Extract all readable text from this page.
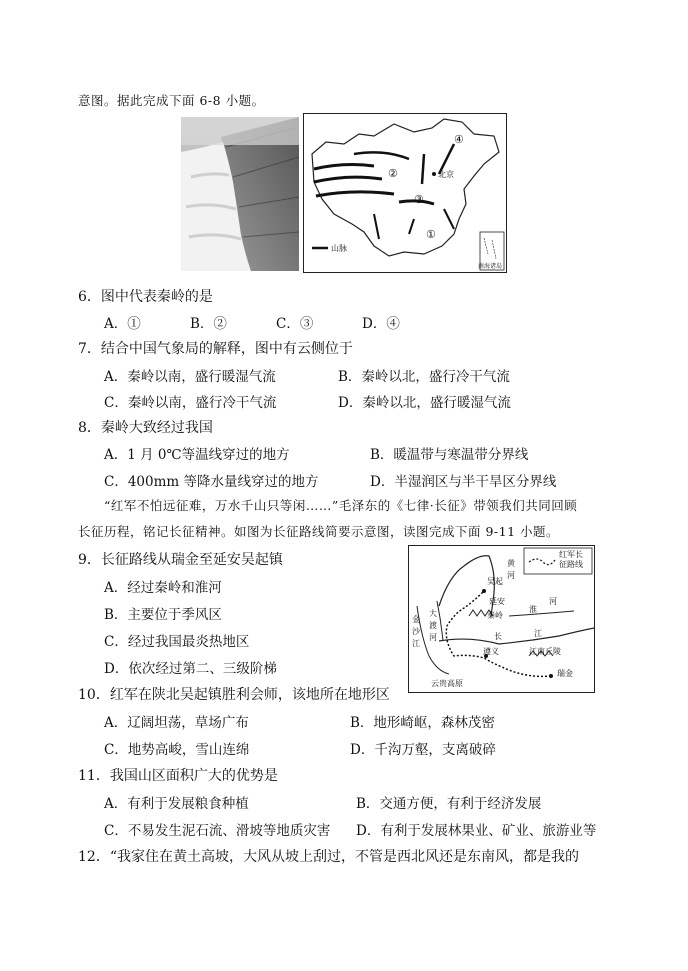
意图。据此完成下面 6-8 小题。
④
②
③
①
北京
山脉
南海诸岛
6．图中代表秦岭的是
A．①	B．②	C．③	D．④
7．结合中国气象局的解释，图中有云侧位于
A．秦岭以南，盛行暖湿气流	B．秦岭以北，盛行冷干气流
C．秦岭以南，盛行冷干气流	D．秦岭以北，盛行暖湿气流
8．秦岭大致经过我国
A．1 月 0℃等温线穿过的地方	B．暖温带与寒温带分界线
C．400mm 等降水量线穿过的地方	D．半湿润区与半干旱区分界线
“红军不怕远征难，万水千山只等闲……”毛泽东的《七律·长征》带领我们共同回顾
长征历程，铭记长征精神。如图为长征路线简要示意图，读图完成下面 9-11 小题。
红军长征路线
吴起
延安
秦岭
黄
河
金
沙
江
大
渡
河
淮
河
长	江
遵义	江南丘陵
瑞金
云贵高原
9．长征路线从瑞金至延安吴起镇
A．经过秦岭和淮河
B．主要位于季风区
C．经过我国最炎热地区
D．依次经过第二、三级阶梯
10．红军在陕北吴起镇胜利会师，该地所在地形区
A．辽阔坦荡，草场广布	B．地形崎岖，森林茂密
C．地势高峻，雪山连绵	D．千沟万壑，支离破碎
11．我国山区面积广大的优势是
A．有利于发展粮食种植	B．交通方便，有利于经济发展
C．不易发生泥石流、滑坡等地质灾害 D．有利于发展林果业、矿业、旅游业等
12．“我家住在黄土高坡，大风从坡上刮过，不管是西北风还是东南风，都是我的
